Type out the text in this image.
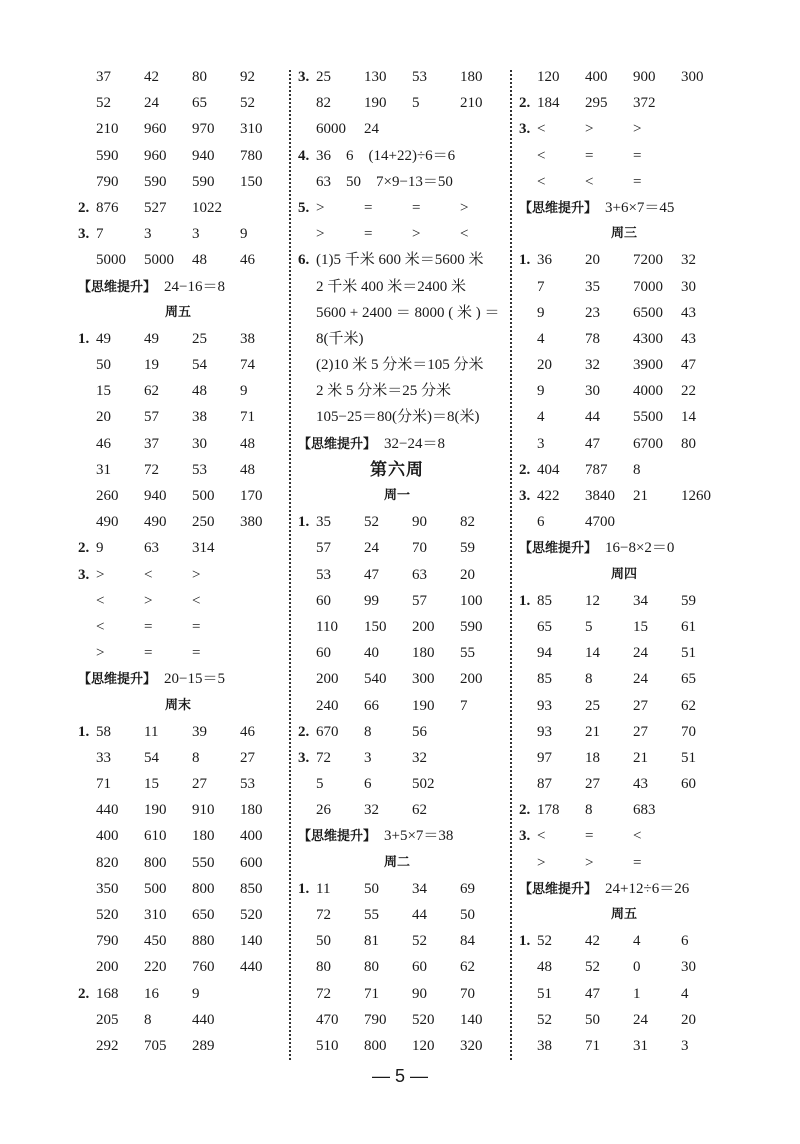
37 42 80 92
52 24 65 52
210 960 970 310
590 960 940 780
790 590 590 150
2.876 527 1022
3.7	3	3	9
5000 5000 48 46
【思维提升】 24−16＝8
周五
1.49 49 25 38
50 19 54 74
15 62 48 9
20 57 38 71
46 37 30 48
31 72 53 48
260 940 500 170
490 490 250 380
2.9	63 314
3.>	<	>
<	>	<
<	=	=
>	=	=
【思维提升】 20−15＝5
周末
1.58 11 39 46
33 54 8	27
71 15 27 53
440 190 910 180
400 610 180 400
820 800 550 600
350 500 800 850
520 310 650 520
790 450 880 140
200 220 760 440
2.168 16 9
205 8	440
292 705 289
3.25 130 53 180
82 190 5	210
6000 24
4.36　6　(14+22)÷6＝6
63　50　7×9−13＝50
5.>	=	=	>
>	=	>	<
6.(1)5 千米 600 米＝5600 米
2 千米 400 米＝2400 米
5600 + 2400 ＝ 8000 ( 米 ) ＝
8(千米)
(2)10 米 5 分米＝105 分米
2 米 5 分米＝25 分米
105−25＝80(分米)＝8(米)
【思维提升】 32−24＝8
第六周
周一
1.35 52 90 82
57 24 70 59
53 47 63 20
60 99 57 100
110 150 200 590
60 40 180 55
200 540 300 200
240 66 190 7
2.670 8	56
3.72 3	32
5	6	502
26 32 62
【思维提升】 3+5×7＝38
周二
1.11 50 34 69
72 55 44 50
50 81 52 84
80 80 60 62
72 71 90 70
470 790 520 140
510 800 120 320
120 400 900 300
2.184 295 372
3.<	>	>
<	=	=
<	<	=
【思维提升】 3+6×7＝45
周三
1.36 20 7200 32
7	35 7000 30
9	23 6500 43
4	78 4300 43
20 32 3900 47
9	30 4000 22
4	44 5500 14
3	47 6700 80
2.404 787 8
3.422 3840 21 1260
6	4700
【思维提升】 16−8×2＝0
周四
1.85 12 34 59
65 5	15 61
94 14 24 51
85 8	24 65
93 25 27 62
93 21 27 70
97 18 21 51
87 27 43 60
2.178 8	683
3.<	=	<
>	>	=
【思维提升】 24+12÷6＝26
周五
1.52 42 4	6
48 52 0	30
51 47 1	4
52 50 24 20
38 71 31 3
— 5 —
